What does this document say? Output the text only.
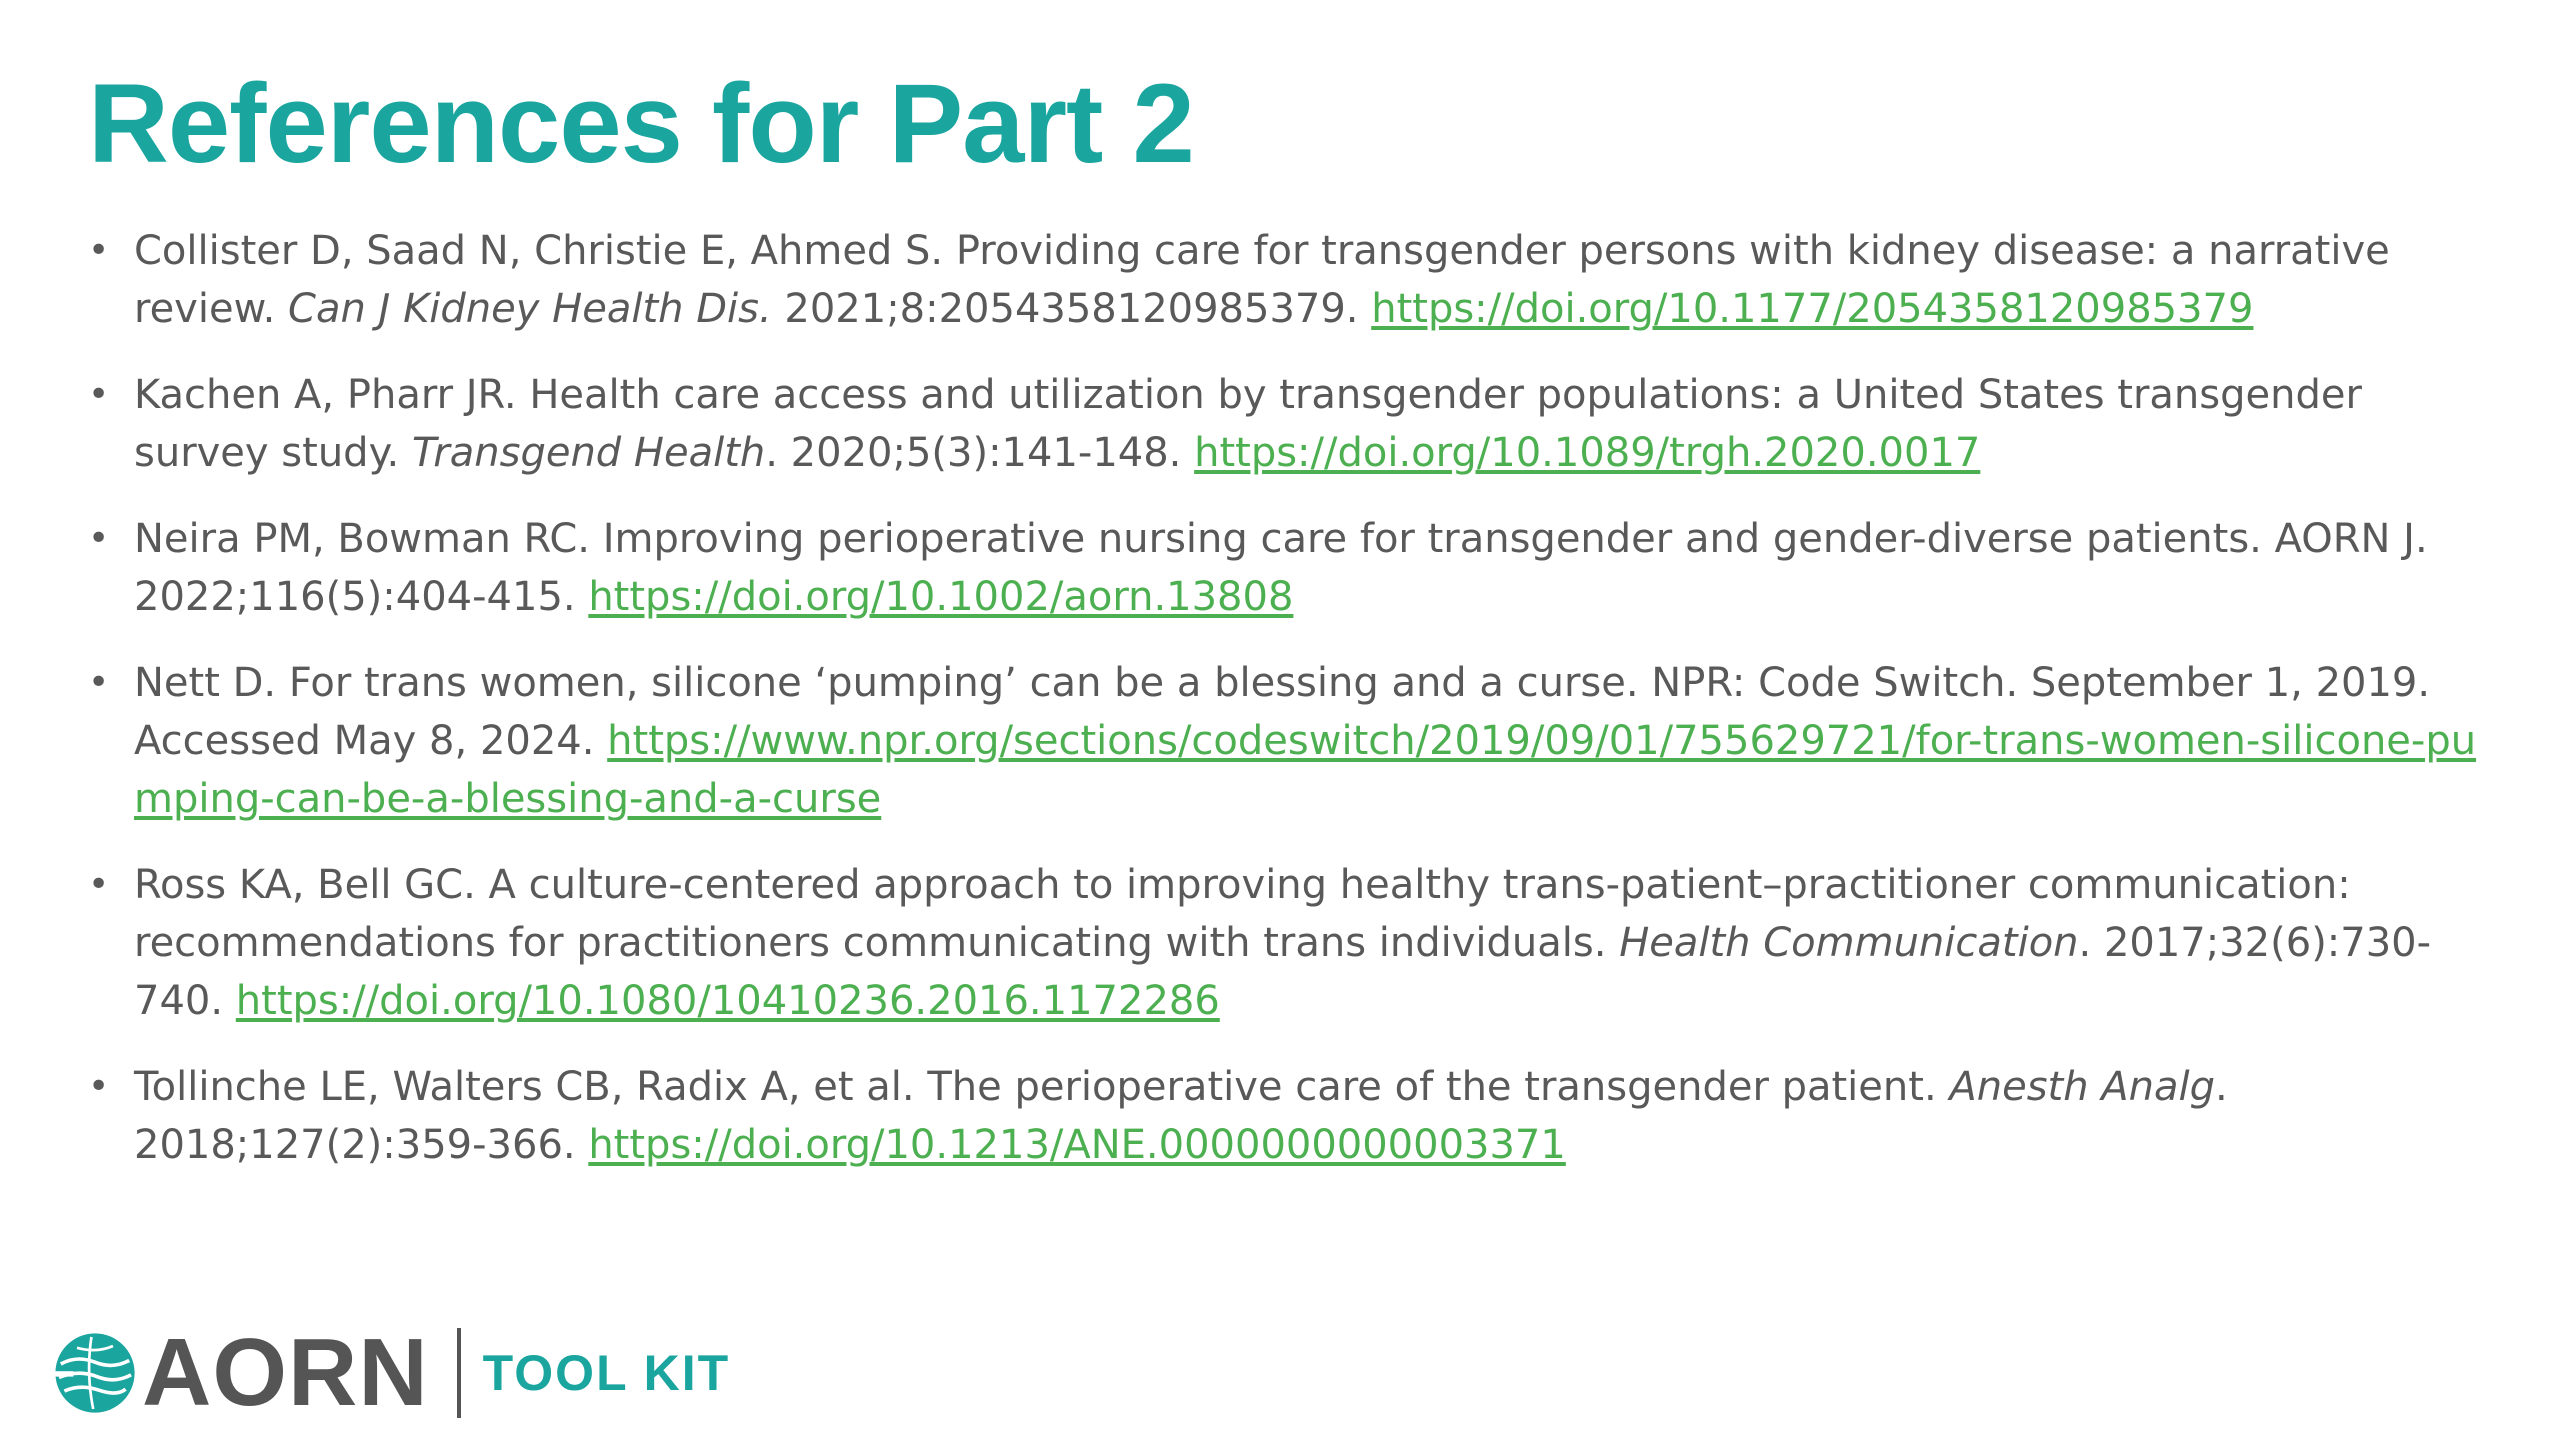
References for Part 2
• Collister D, Saad N, Christie E, Ahmed S. Providing care for transgender persons with kidney disease: a narrative review. Can J Kidney Health Dis. 2021;8:2054358120985379. https://doi.org/10.1177/2054358120985379
• Kachen A, Pharr JR. Health care access and utilization by transgender populations: a United States transgender survey study. Transgend Health. 2020;5(3):141-148. https://doi.org/10.1089/trgh.2020.0017
• Neira PM, Bowman RC. Improving perioperative nursing care for transgender and gender-diverse patients. AORN J. 2022;116(5):404-415. https://doi.org/10.1002/aorn.13808
• Nett D. For trans women, silicone ‘pumping’ can be a blessing and a curse. NPR: Code Switch. September 1, 2019. Accessed May 8, 2024. https://www.npr.org/sections/codeswitch/2019/09/01/755629721/for-trans-women-silicone-pumping-can-be-a-blessing-and-a-curse
• Ross KA, Bell GC. A culture-centered approach to improving healthy trans-patient–practitioner communication: recommendations for practitioners communicating with trans individuals. Health Communication. 2017;32(6):730-740. https://doi.org/10.1080/10410236.2016.1172286
• Tollinche LE, Walters CB, Radix A, et al. The perioperative care of the transgender patient. Anesth Analg. 2018;127(2):359-366. https://doi.org/10.1213/ANE.0000000000003371
AORN TOOL KIT
